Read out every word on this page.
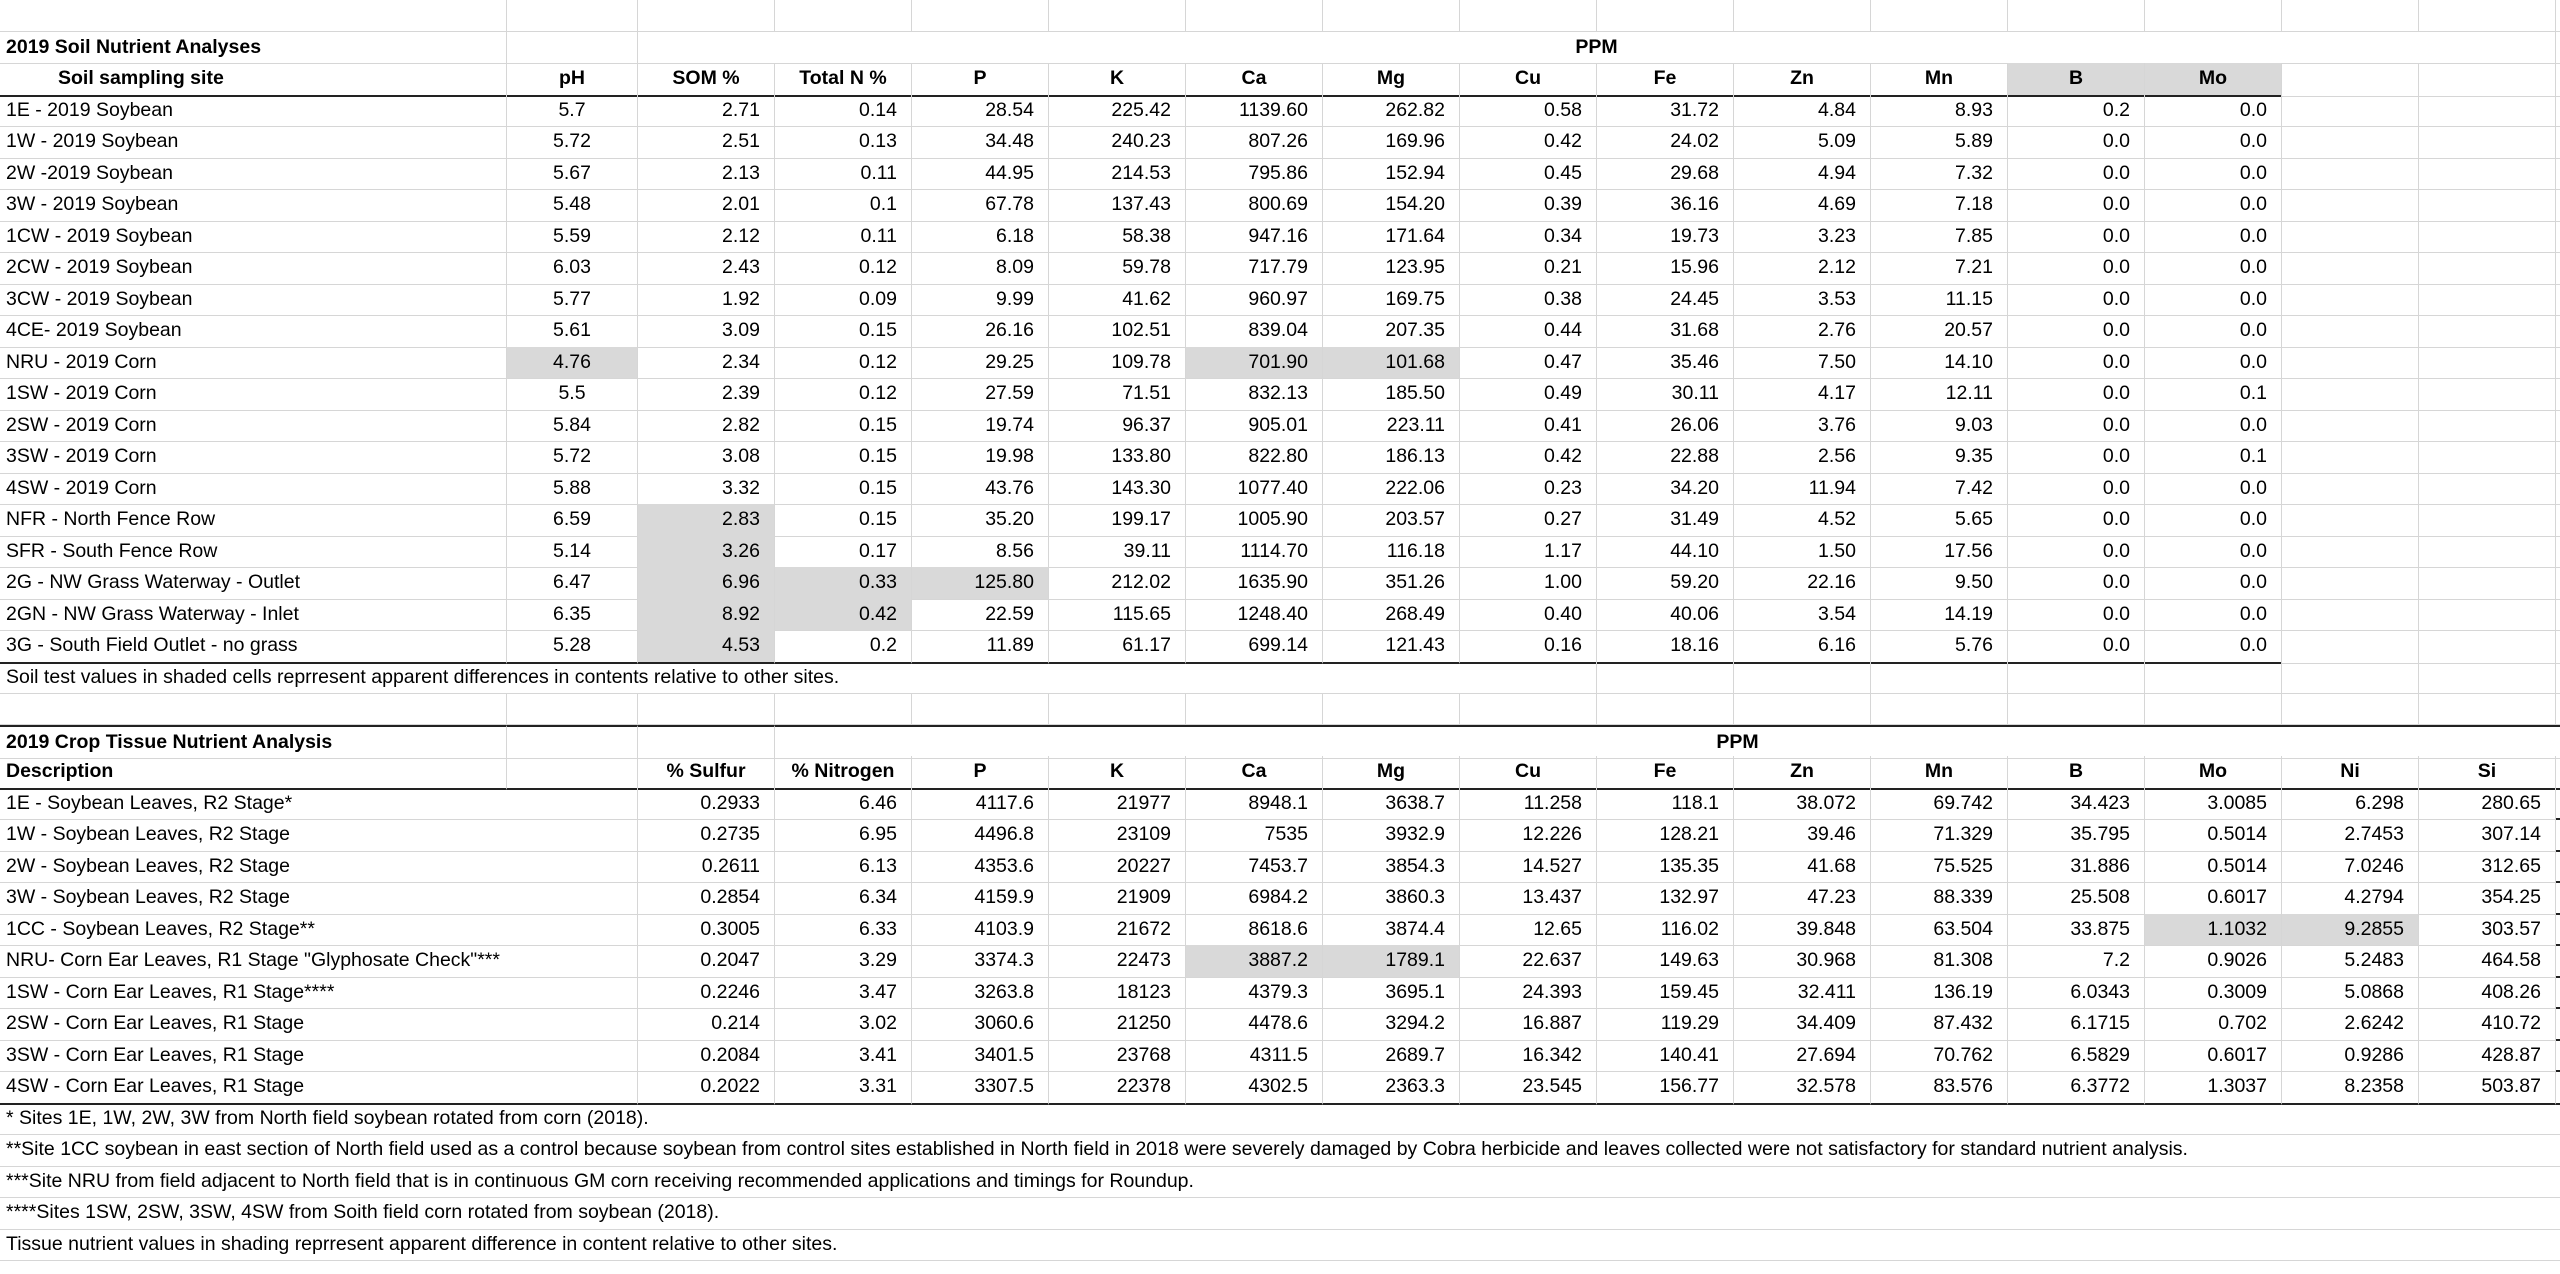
2019 Soil Nutrient Analyses	PPM
Soil sampling site	pH	SOM %	Total N %	P	K	Ca	Mg	Cu	Fe	Zn	Mn	B	Mo
1E - 2019 Soybean	5.7	2.71	0.14	28.54	225.42	1139.60	262.82	0.58	31.72	4.84	8.93	0.2	0.0
1W - 2019 Soybean	5.72	2.51	0.13	34.48	240.23	807.26	169.96	0.42	24.02	5.09	5.89	0.0	0.0
2W -2019 Soybean	5.67	2.13	0.11	44.95	214.53	795.86	152.94	0.45	29.68	4.94	7.32	0.0	0.0
3W - 2019 Soybean	5.48	2.01	0.1	67.78	137.43	800.69	154.20	0.39	36.16	4.69	7.18	0.0	0.0
1CW - 2019 Soybean	5.59	2.12	0.11	6.18	58.38	947.16	171.64	0.34	19.73	3.23	7.85	0.0	0.0
2CW - 2019 Soybean	6.03	2.43	0.12	8.09	59.78	717.79	123.95	0.21	15.96	2.12	7.21	0.0	0.0
3CW - 2019 Soybean	5.77	1.92	0.09	9.99	41.62	960.97	169.75	0.38	24.45	3.53	11.15	0.0	0.0
4CE- 2019 Soybean	5.61	3.09	0.15	26.16	102.51	839.04	207.35	0.44	31.68	2.76	20.57	0.0	0.0
NRU - 2019 Corn	4.76	2.34	0.12	29.25	109.78	701.90	101.68	0.47	35.46	7.50	14.10	0.0	0.0
1SW - 2019 Corn	5.5	2.39	0.12	27.59	71.51	832.13	185.50	0.49	30.11	4.17	12.11	0.0	0.1
2SW - 2019 Corn	5.84	2.82	0.15	19.74	96.37	905.01	223.11	0.41	26.06	3.76	9.03	0.0	0.0
3SW - 2019 Corn	5.72	3.08	0.15	19.98	133.80	822.80	186.13	0.42	22.88	2.56	9.35	0.0	0.1
4SW - 2019 Corn	5.88	3.32	0.15	43.76	143.30	1077.40	222.06	0.23	34.20	11.94	7.42	0.0	0.0
NFR - North Fence Row	6.59	2.83	0.15	35.20	199.17	1005.90	203.57	0.27	31.49	4.52	5.65	0.0	0.0
SFR - South Fence Row	5.14	3.26	0.17	8.56	39.11	1114.70	116.18	1.17	44.10	1.50	17.56	0.0	0.0
2G - NW Grass Waterway - Outlet	6.47	6.96	0.33	125.80	212.02	1635.90	351.26	1.00	59.20	22.16	9.50	0.0	0.0
2GN - NW Grass Waterway - Inlet	6.35	8.92	0.42	22.59	115.65	1248.40	268.49	0.40	40.06	3.54	14.19	0.0	0.0
3G - South Field Outlet - no grass	5.28	4.53	0.2	11.89	61.17	699.14	121.43	0.16	18.16	6.16	5.76	0.0	0.0
Soil test values in shaded cells reprresent apparent differences in contents relative to other sites.
2019 Crop Tissue Nutrient Analysis	PPM
Description	% Sulfur	% Nitrogen	P	K	Ca	Mg	Cu	Fe	Zn	Mn	B	Mo	Ni	Si
1E - Soybean Leaves, R2 Stage*	0.2933	6.46	4117.6	21977	8948.1	3638.7	11.258	118.1	38.072	69.742	34.423	3.0085	6.298	280.65
1W - Soybean Leaves, R2 Stage	0.2735	6.95	4496.8	23109	7535	3932.9	12.226	128.21	39.46	71.329	35.795	0.5014	2.7453	307.14
2W - Soybean Leaves, R2 Stage	0.2611	6.13	4353.6	20227	7453.7	3854.3	14.527	135.35	41.68	75.525	31.886	0.5014	7.0246	312.65
3W - Soybean Leaves, R2 Stage	0.2854	6.34	4159.9	21909	6984.2	3860.3	13.437	132.97	47.23	88.339	25.508	0.6017	4.2794	354.25
1CC - Soybean Leaves, R2 Stage**	0.3005	6.33	4103.9	21672	8618.6	3874.4	12.65	116.02	39.848	63.504	33.875	1.1032	9.2855	303.57
NRU- Corn Ear Leaves, R1 Stage "Glyphosate Check"***	0.2047	3.29	3374.3	22473	3887.2	1789.1	22.637	149.63	30.968	81.308	7.2	0.9026	5.2483	464.58
1SW - Corn Ear Leaves, R1 Stage****	0.2246	3.47	3263.8	18123	4379.3	3695.1	24.393	159.45	32.411	136.19	6.0343	0.3009	5.0868	408.26
2SW - Corn Ear Leaves, R1 Stage	0.214	3.02	3060.6	21250	4478.6	3294.2	16.887	119.29	34.409	87.432	6.1715	0.702	2.6242	410.72
3SW - Corn Ear Leaves, R1 Stage	0.2084	3.41	3401.5	23768	4311.5	2689.7	16.342	140.41	27.694	70.762	6.5829	0.6017	0.9286	428.87
4SW - Corn Ear Leaves, R1 Stage	0.2022	3.31	3307.5	22378	4302.5	2363.3	23.545	156.77	32.578	83.576	6.3772	1.3037	8.2358	503.87
* Sites 1E, 1W, 2W, 3W from North field soybean rotated from corn (2018).
**Site 1CC soybean in east section of North field used as a control because soybean from control sites established in North field in 2018 were severely damaged by Cobra herbicide and leaves collected were not satisfactory for standard nutrient analysis.
***Site NRU from field adjacent to North field that is in continuous GM corn receiving recommended applications and timings for Roundup.
****Sites 1SW, 2SW, 3SW, 4SW from Soith field corn rotated from soybean (2018).
Tissue nutrient values in shading reprresent apparent difference in content relative to other sites.
